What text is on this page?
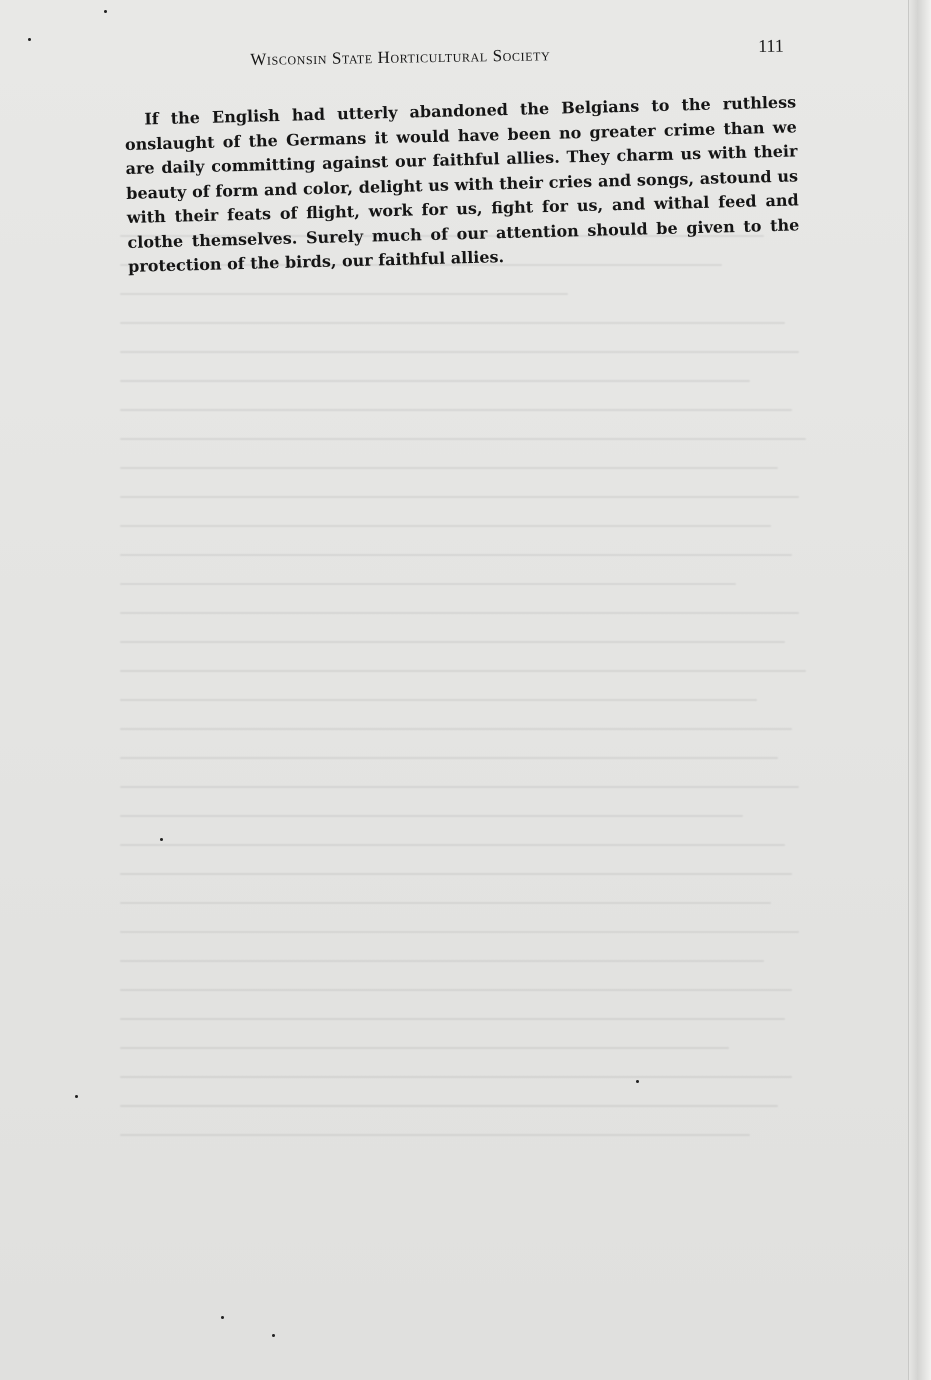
Wisconsin State Horticultural Society	111

If the English had utterly abandoned the Belgians to the ruthless onslaught of the Germans it would have been no greater crime than we are daily committing against our faithful allies. They charm us with their beauty of form and color, delight us with their cries and songs, astound us with their feats of flight, work for us, fight for us, and withal feed and clothe themselves. Surely much of our attention should be given to the protection of the birds, our faithful allies.
